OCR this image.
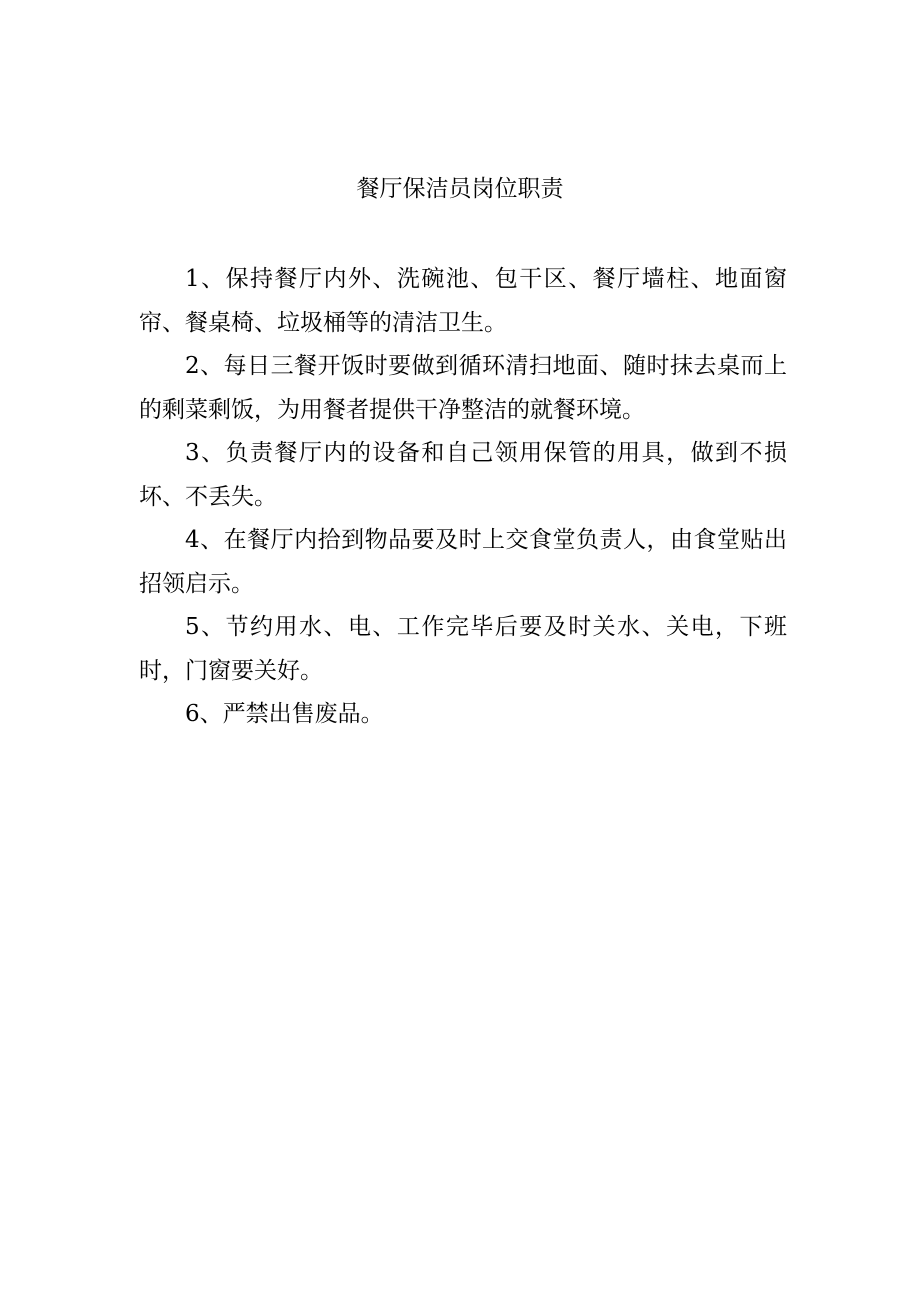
餐厅保洁员岗位职责

1、保持餐厅内外、洗碗池、包干区、餐厅墙柱、地面窗帘、餐桌椅、垃圾桶等的清洁卫生。

2、每日三餐开饭时要做到循环清扫地面、随时抹去桌而上的剩菜剩饭，为用餐者提供干净整洁的就餐环境。

3、负责餐厅内的设备和自己领用保管的用具，做到不损坏、不丢失。

4、在餐厅内拾到物品要及时上交食堂负责人，由食堂贴出招领启示。

5、节约用水、电、工作完毕后要及时关水、关电，下班时，门窗要关好。

6、严禁出售废品。
